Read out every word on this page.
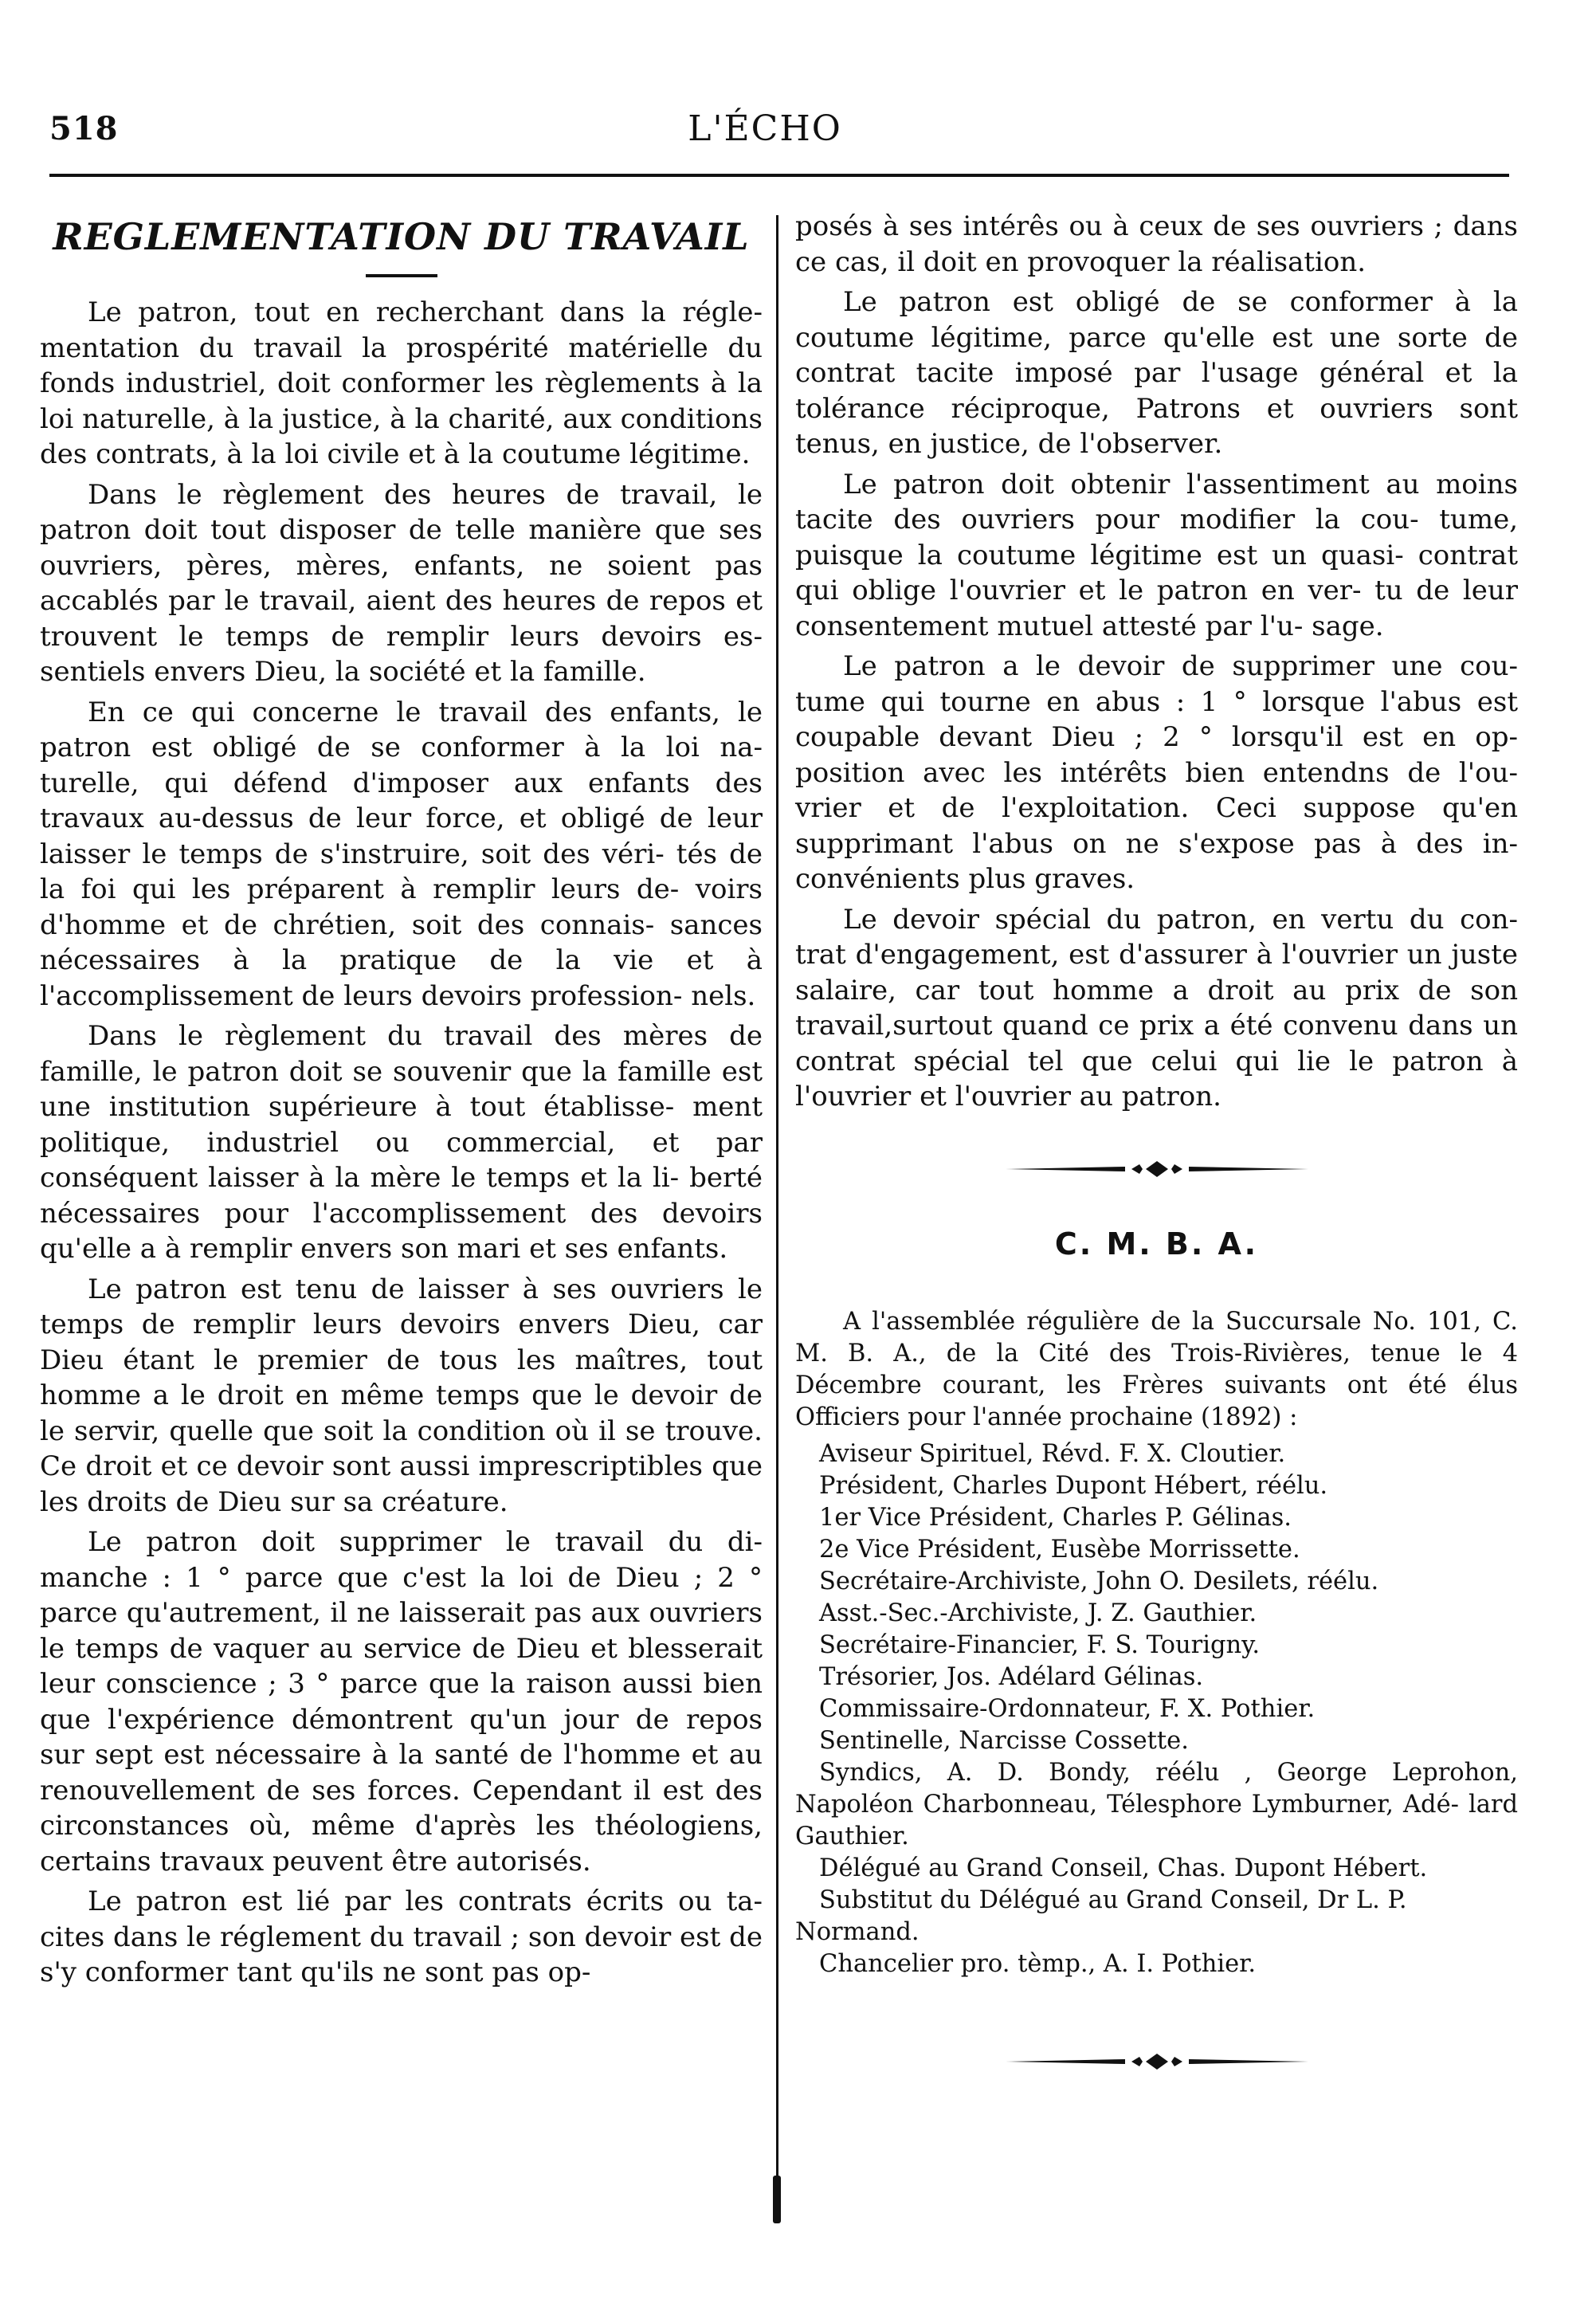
518	L'ÉCHO
REGLEMENTATION DU TRAVAIL

Le patron, tout en recherchant dans la régle- mentation du travail la prospérité matérielle du fonds industriel, doit conformer les règlements à la loi naturelle, à la justice, à la charité, aux conditions des contrats, à la loi civile et à la coutume légitime.

Dans le règlement des heures de travail, le patron doit tout disposer de telle manière que ses ouvriers, pères, mères, enfants, ne soient pas accablés par le travail, aient des heures de repos et trouvent le temps de remplir leurs devoirs es- sentiels envers Dieu, la société et la famille.

En ce qui concerne le travail des enfants, le patron est obligé de se conformer à la loi na- turelle, qui défend d'imposer aux enfants des travaux au-dessus de leur force, et obligé de leur laisser le temps de s'instruire, soit des véri- tés de la foi qui les préparent à remplir leurs de- voirs d'homme et de chrétien, soit des connais- sances nécessaires à la pratique de la vie et à l'accomplissement de leurs devoirs profession- nels.

Dans le règlement du travail des mères de famille, le patron doit se souvenir que la famille est une institution supérieure à tout établisse- ment politique, industriel ou commercial, et par conséquent laisser à la mère le temps et la li- berté nécessaires pour l'accomplissement des devoirs qu'elle a à remplir envers son mari et ses enfants.

Le patron est tenu de laisser à ses ouvriers le temps de remplir leurs devoirs envers Dieu, car Dieu étant le premier de tous les maîtres, tout homme a le droit en même temps que le devoir de le servir, quelle que soit la condition où il se trouve. Ce droit et ce devoir sont aussi imprescriptibles que les droits de Dieu sur sa créature.

Le patron doit supprimer le travail du di- manche : 1 ° parce que c'est la loi de Dieu ; 2 ° parce qu'autrement, il ne laisserait pas aux ouvriers le temps de vaquer au service de Dieu et blesserait leur conscience ; 3 ° parce que la raison aussi bien que l'expérience démontrent qu'un jour de repos sur sept est nécessaire à la santé de l'homme et au renouvellement de ses forces. Cependant il est des circonstances où, même d'après les théologiens, certains travaux peuvent être autorisés.

Le patron est lié par les contrats écrits ou ta- cites dans le réglement du travail ; son devoir est de s'y conformer tant qu'ils ne sont pas op-

posés à ses intérês ou à ceux de ses ouvriers ; dans ce cas, il doit en provoquer la réalisation.

Le patron est obligé de se conformer à la coutume légitime, parce qu'elle est une sorte de contrat tacite imposé par l'usage général et la tolérance réciproque, Patrons et ouvriers sont tenus, en justice, de l'observer.

Le patron doit obtenir l'assentiment au moins tacite des ouvriers pour modifier la cou- tume, puisque la coutume légitime est un quasi- contrat qui oblige l'ouvrier et le patron en ver- tu de leur consentement mutuel attesté par l'u- sage.

Le patron a le devoir de supprimer une cou- tume qui tourne en abus : 1 ° lorsque l'abus est coupable devant Dieu ; 2 ° lorsqu'il est en op- position avec les intérêts bien entendns de l'ou- vrier et de l'exploitation. Ceci suppose qu'en supprimant l'abus on ne s'expose pas à des in- convénients plus graves.

Le devoir spécial du patron, en vertu du con- trat d'engagement, est d'assurer à l'ouvrier un juste salaire, car tout homme a droit au prix de son travail,surtout quand ce prix a été convenu dans un contrat spécial tel que celui qui lie le patron à l'ouvrier et l'ouvrier au patron.

C. M. B. A.

A l'assemblée régulière de la Succursale No. 101, C. M. B. A., de la Cité des Trois-Rivières, tenue le 4 Décembre courant, les Frères suivants ont été élus Officiers pour l'année prochaine (1892) :

Aviseur Spirituel, Révd. F. X. Cloutier.
Président, Charles Dupont Hébert, réélu.
1er Vice Président, Charles P. Gélinas.
2e Vice Président, Eusèbe Morrissette.
Secrétaire-Archiviste, John O. Desilets, réélu.
Asst.-Sec.-Archiviste, J. Z. Gauthier.
Secrétaire-Financier, F. S. Tourigny.
Trésorier, Jos. Adélard Gélinas.
Commissaire-Ordonnateur, F. X. Pothier.
Sentinelle, Narcisse Cossette.
Syndics, A. D. Bondy, réélu , George Leprohon, Napoléon Charbonneau, Télesphore Lymburner, Adé- lard Gauthier.
Délégué au Grand Conseil, Chas. Dupont Hébert.
Substitut du Délégué au Grand Conseil, Dr L. P. Normand.
Chancelier pro. tèmp., A. I. Pothier.
